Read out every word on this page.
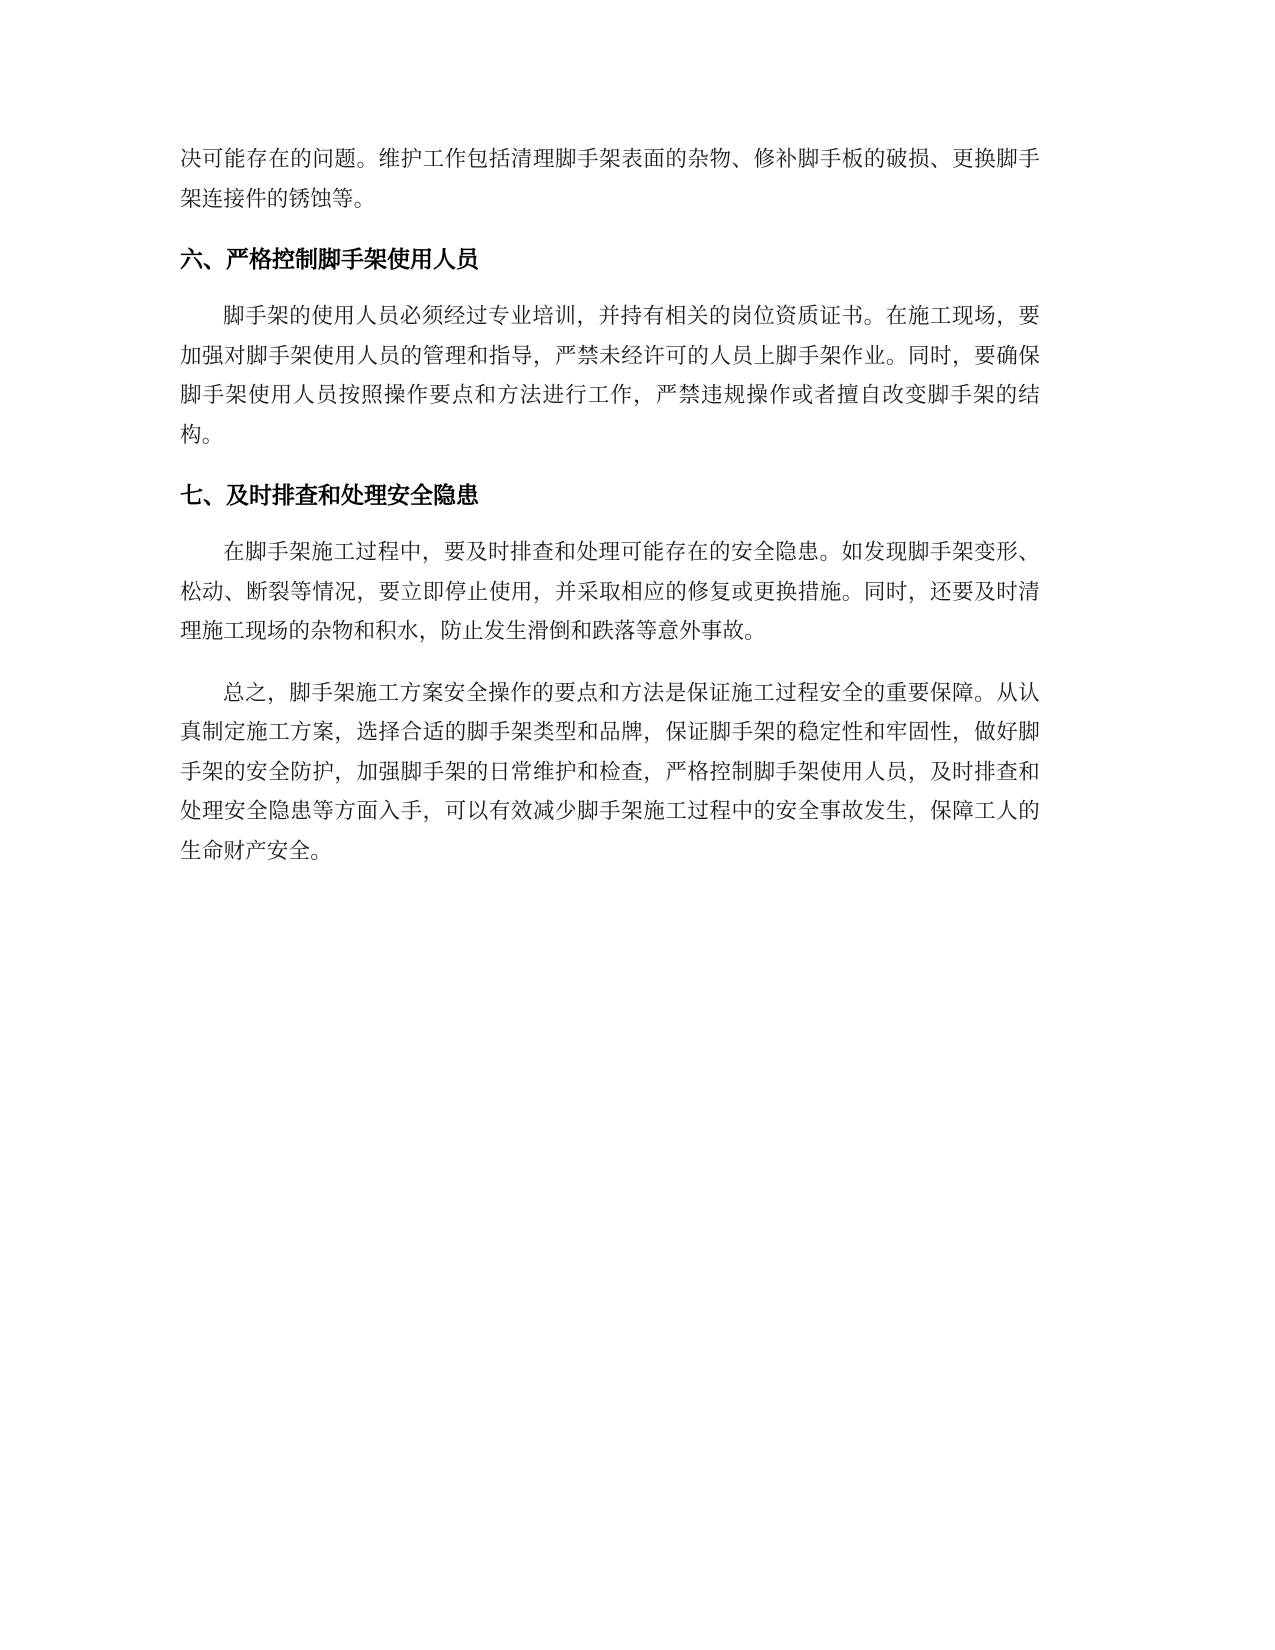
决可能存在的问题。维护工作包括清理脚手架表面的杂物、修补脚手板的破损、更换脚手架连接件的锈蚀等。

六、严格控制脚手架使用人员

脚手架的使用人员必须经过专业培训，并持有相关的岗位资质证书。在施工现场，要加强对脚手架使用人员的管理和指导，严禁未经许可的人员上脚手架作业。同时，要确保脚手架使用人员按照操作要点和方法进行工作，严禁违规操作或者擅自改变脚手架的结构。

七、及时排查和处理安全隐患

在脚手架施工过程中，要及时排查和处理可能存在的安全隐患。如发现脚手架变形、松动、断裂等情况，要立即停止使用，并采取相应的修复或更换措施。同时，还要及时清理施工现场的杂物和积水，防止发生滑倒和跌落等意外事故。

总之，脚手架施工方案安全操作的要点和方法是保证施工过程安全的重要保障。从认真制定施工方案，选择合适的脚手架类型和品牌，保证脚手架的稳定性和牢固性，做好脚手架的安全防护，加强脚手架的日常维护和检查，严格控制脚手架使用人员，及时排查和处理安全隐患等方面入手，可以有效减少脚手架施工过程中的安全事故发生，保障工人的生命财产安全。
